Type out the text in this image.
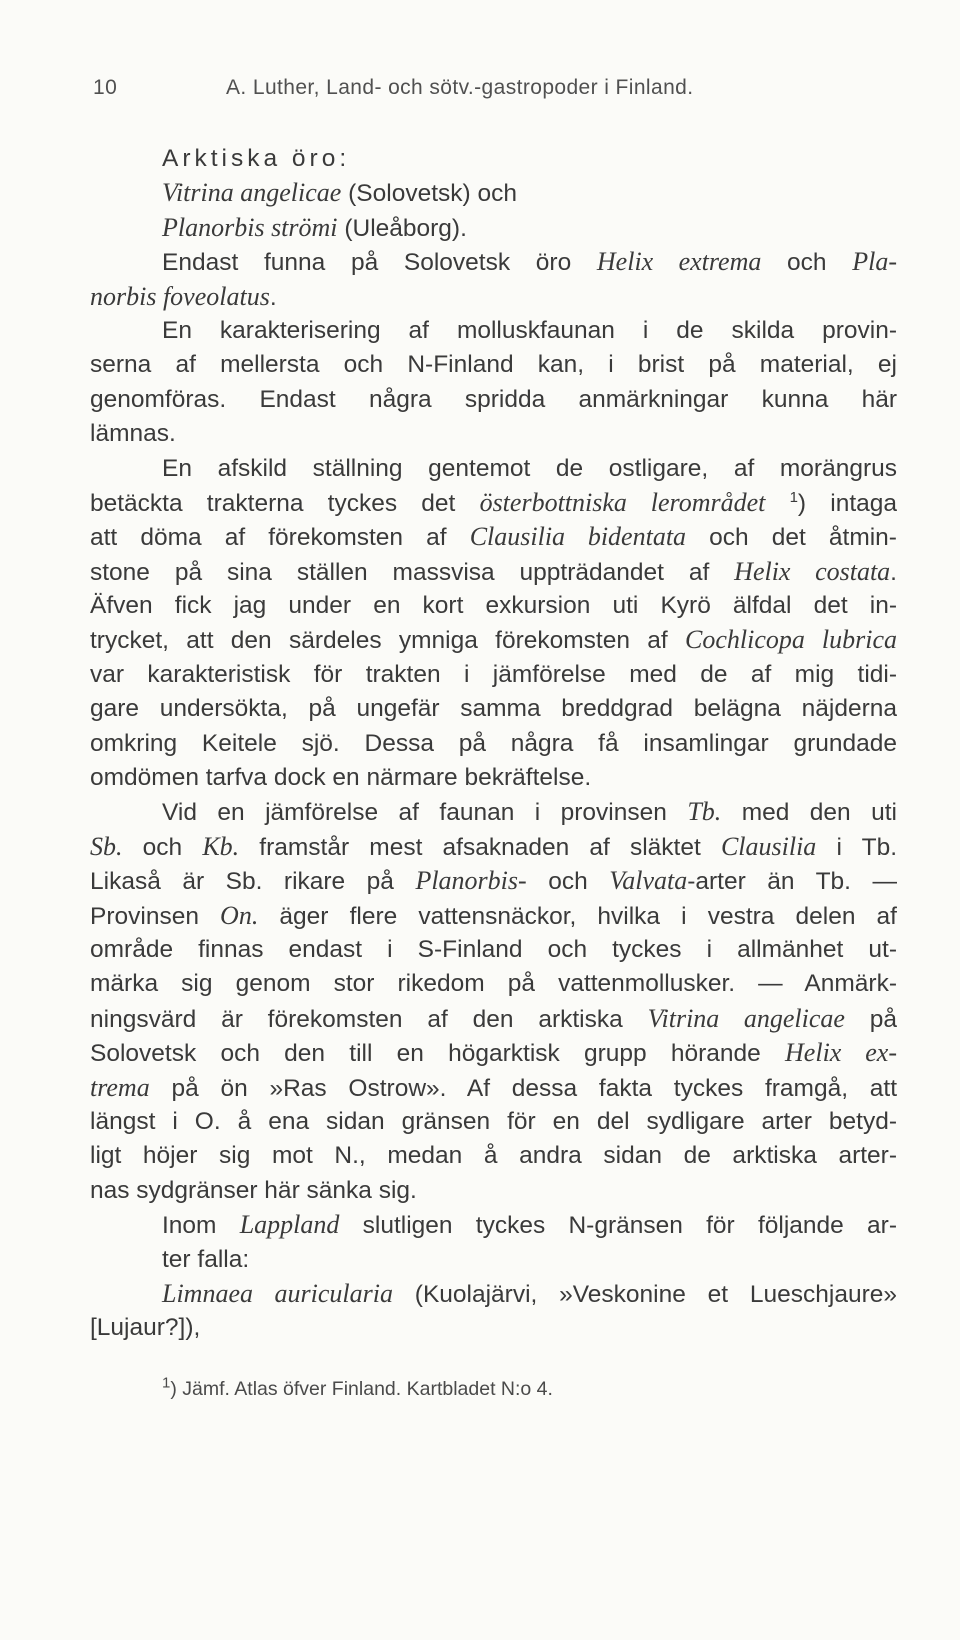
10	A. Luther, Land- och sötv.-gastropoder i Finland.
Arktiska öro:
Vitrina angelicae (Solovetsk) och
Planorbis strömi (Uleåborg).
Endast funna på Solovetsk öro Helix extrema och Pla-
norbis foveolatus.
En karakterisering af molluskfaunan i de skilda provin-
serna af mellersta och N-Finland kan, i brist på material, ej
genomföras. Endast några spridda anmärkningar kunna här
lämnas.
En afskild ställning gentemot de ostligare, af morängrus
betäckta trakterna tyckes det österbottniska lerområdet $^1$) intaga
att döma af förekomsten af Clausilia bidentata och det åtmin-
stone på sina ställen massvisa uppträdandet af Helix costata.
Äfven fick jag under en kort exkursion uti Kyrö älfdal det in-
trycket, att den särdeles ymniga förekomsten af Cochlicopa lubrica
var karakteristisk för trakten i jämförelse med de af mig tidi-
gare undersökta, på ungefär samma breddgrad belägna näjderna
omkring Keitele sjö. Dessa på några få insamlingar grundade
omdömen tarfva dock en närmare bekräftelse.
Vid en jämförelse af faunan i provinsen Tb. med den uti
Sb. och Kb. framstår mest afsaknaden af släktet Clausilia i Tb.
Likaså är Sb. rikare på Planorbis- och Valvata-arter än Tb. —
Provinsen On. äger flere vattensnäckor, hvilka i vestra delen af
område finnas endast i S-Finland och tyckes i allmänhet ut-
märka sig genom stor rikedom på vattenmollusker. — Anmärk-
ningsvärd är förekomsten af den arktiska Vitrina angelicae på
Solovetsk och den till en högarktisk grupp hörande Helix ex-
trema på ön »Ras Ostrow». Af dessa fakta tyckes framgå, att
längst i O. å ena sidan gränsen för en del sydligare arter betyd-
ligt höjer sig mot N., medan å andra sidan de arktiska arter-
nas sydgränser här sänka sig.
Inom Lappland slutligen tyckes N-gränsen för följande ar-
ter falla:
Limnaea auricularia (Kuolajärvi, »Veskonine et Lueschjaure»
[Lujaur?]),
$^1$) Jämf. Atlas öfver Finland. Kartbladet N:o 4.
